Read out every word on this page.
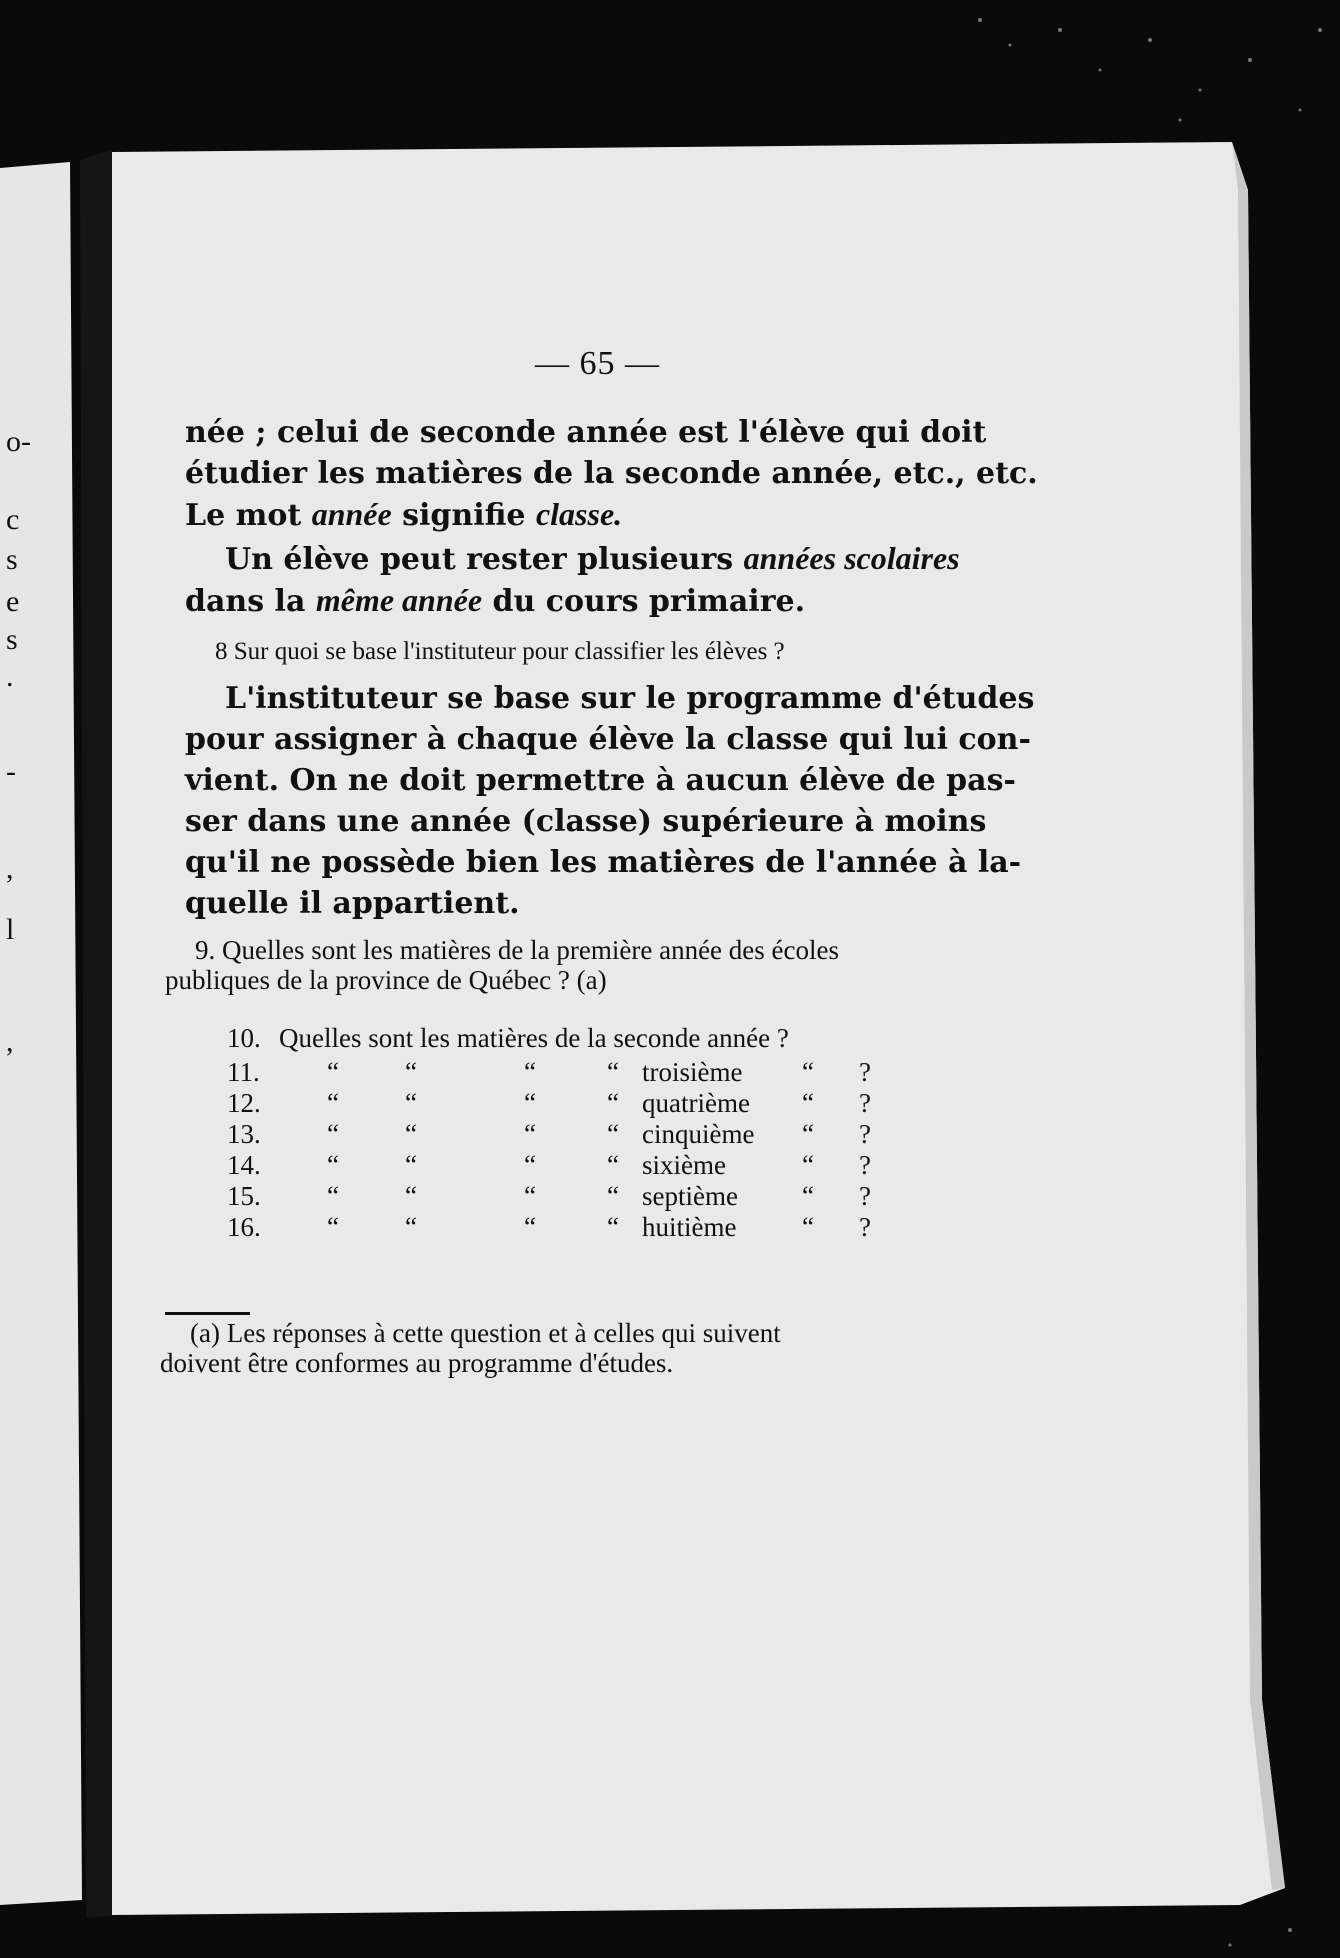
o-
c
s
e
s
.
-
,
l
,
— 65 —

née ; celui de seconde année est l'élève qui doit
étudier les matières de la seconde année, etc., etc.
Le mot année signifie classe.

Un élève peut rester plusieurs années scolaires
dans la même année du cours primaire.

8 Sur quoi se base l'instituteur pour classifier les élèves ?

L'instituteur se base sur le programme d'études
pour assigner à chaque élève la classe qui lui con-
vient. On ne doit permettre à aucun élève de pas-
ser dans une année (classe) supérieure à moins
qu'il ne possède bien les matières de l'année à la-
quelle il appartient.

9. Quelles sont les matières de la première année des écoles
publiques de la province de Québec ? (a)

10. Quelles sont les matières de la seconde année ?
11. “ “	“	“ troisième “ ?
12. “ “	“	“ quatrième “ ?
13. “ “	“	“ cinquième “ ?
14. “ “	“	“ sixième	“ ?
15. “ “	“	“ septième “ ?
16. “ “	“	“ huitième “ ?
(a) Les réponses à cette question et à celles qui suivent
doivent être conformes au programme d'études.
